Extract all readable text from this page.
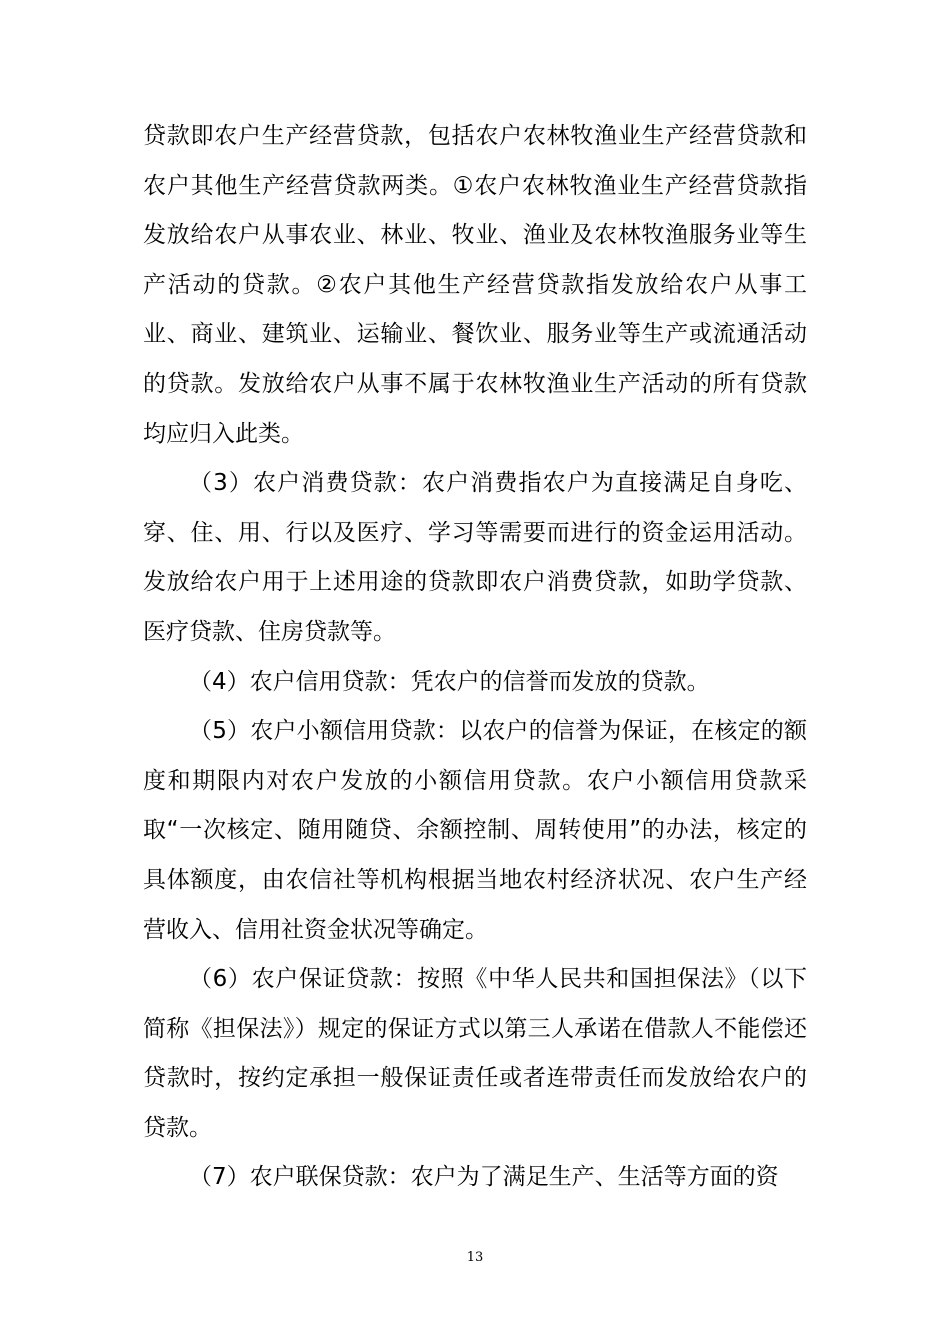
贷款即农户生产经营贷款，包括农户农林牧渔业生产经营贷款和农户其他生产经营贷款两类。①农户农林牧渔业生产经营贷款指发放给农户从事农业、林业、牧业、渔业及农林牧渔服务业等生产活动的贷款。②农户其他生产经营贷款指发放给农户从事工业、商业、建筑业、运输业、餐饮业、服务业等生产或流通活动的贷款。发放给农户从事不属于农林牧渔业生产活动的所有贷款均应归入此类。

（3）农户消费贷款：农户消费指农户为直接满足自身吃、穿、住、用、行以及医疗、学习等需要而进行的资金运用活动。发放给农户用于上述用途的贷款即农户消费贷款，如助学贷款、医疗贷款、住房贷款等。

（4）农户信用贷款：凭农户的信誉而发放的贷款。

（5）农户小额信用贷款：以农户的信誉为保证，在核定的额度和期限内对农户发放的小额信用贷款。农户小额信用贷款采取“一次核定、随用随贷、余额控制、周转使用”的办法，核定的具体额度，由农信社等机构根据当地农村经济状况、农户生产经营收入、信用社资金状况等确定。

（6）农户保证贷款：按照《中华人民共和国担保法》（以下简称《担保法》）规定的保证方式以第三人承诺在借款人不能偿还贷款时，按约定承担一般保证责任或者连带责任而发放给农户的贷款。

（7）农户联保贷款：农户为了满足生产、生活等方面的资

13
